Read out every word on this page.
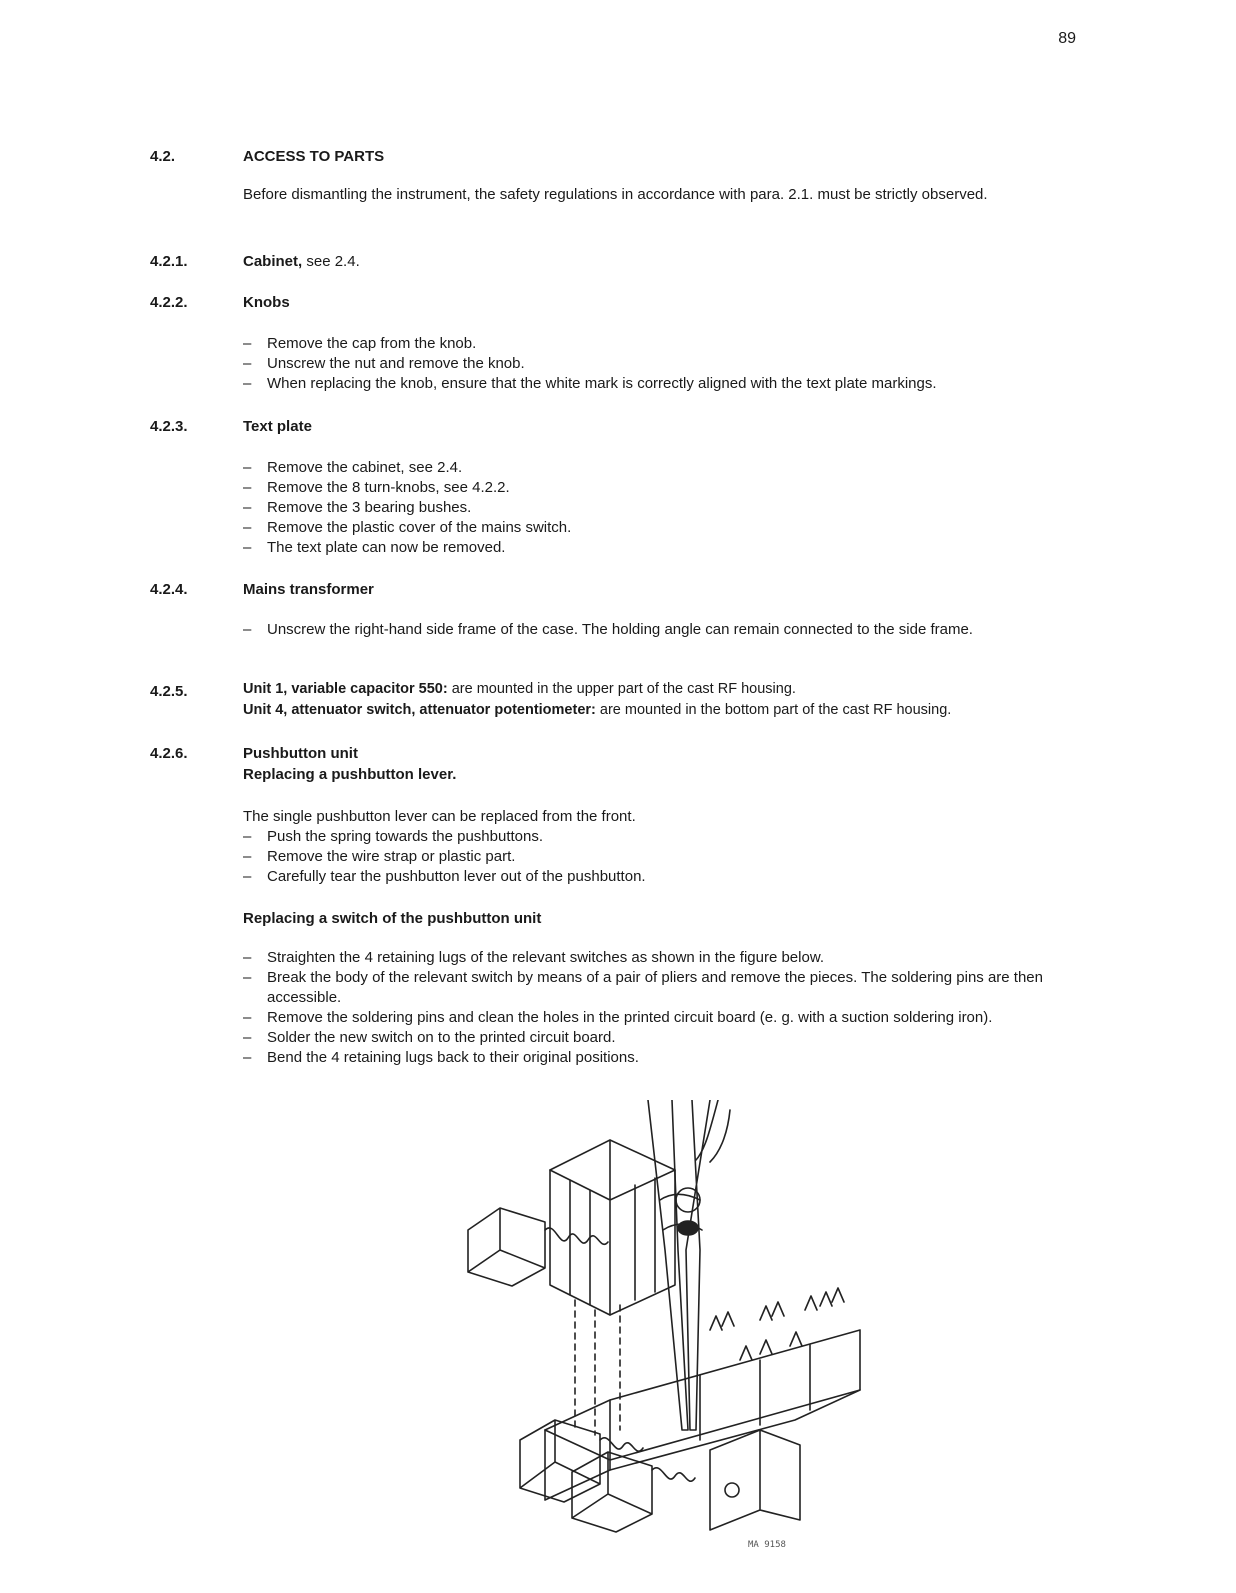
89
4.2.	ACCESS TO PARTS
Before dismantling the instrument, the safety regulations in accordance with para. 2.1. must be strictly observed.
4.2.1.	Cabinet, see 2.4.
4.2.2.	Knobs
– Remove the cap from the knob.
– Unscrew the nut and remove the knob.
– When replacing the knob, ensure that the white mark is correctly aligned with the text plate markings.
4.2.3.	Text plate
– Remove the cabinet, see 2.4.
– Remove the 8 turn-knobs, see 4.2.2.
– Remove the 3 bearing bushes.
– Remove the plastic cover of the mains switch.
– The text plate can now be removed.
4.2.4.	Mains transformer
– Unscrew the right-hand side frame of the case. The holding angle can remain connected to the side frame.
4.2.5.	Unit 1, variable capacitor 550: are mounted in the upper part of the cast RF housing.
Unit 4, attenuator switch, attenuator potentiometer: are mounted in the bottom part of the cast RF housing.
4.2.6.	Pushbutton unit
Replacing a pushbutton lever.
The single pushbutton lever can be replaced from the front.
– Push the spring towards the pushbuttons.
– Remove the wire strap or plastic part.
– Carefully tear the pushbutton lever out of the pushbutton.
Replacing a switch of the pushbutton unit
– Straighten the 4 retaining lugs of the relevant switches as shown in the figure below.
– Break the body of the relevant switch by means of a pair of pliers and remove the pieces. The soldering pins are then accessible.
– Remove the soldering pins and clean the holes in the printed circuit board (e. g. with a suction soldering iron).
– Solder the new switch on to the printed circuit board.
– Bend the 4 retaining lugs back to their original positions.
MA 9158
